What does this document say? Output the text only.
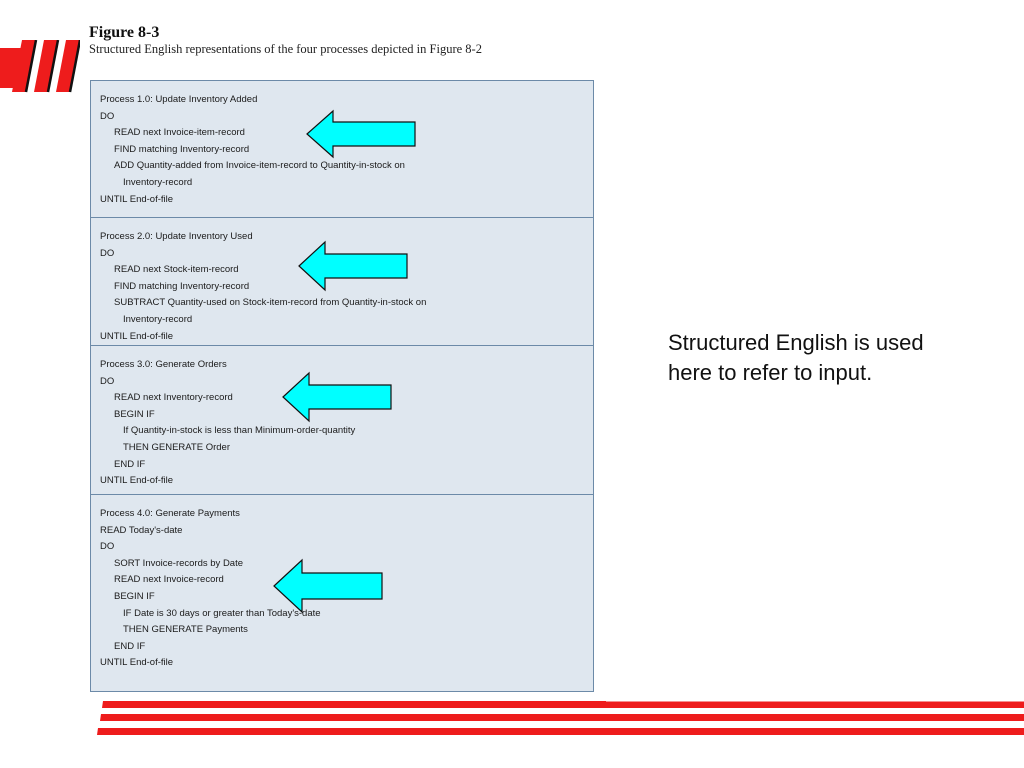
Figure 8-3
Structured English representations of the four processes depicted in Figure 8-2
Process 1.0: Update Inventory Added
DO
READ next Invoice-item-record
FIND matching Inventory-record
ADD Quantity-added from Invoice-item-record to Quantity-in-stock on
Inventory-record
UNTIL End-of-file
Process 2.0: Update Inventory Used
DO
READ next Stock-item-record
FIND matching Inventory-record
SUBTRACT Quantity-used on Stock-item-record from Quantity-in-stock on
Inventory-record
UNTIL End-of-file
Process 3.0: Generate Orders
DO
READ next Inventory-record
BEGIN IF
If Quantity-in-stock is less than Minimum-order-quantity
THEN GENERATE Order
END IF
UNTIL End-of-file
Process 4.0: Generate Payments
READ Today's-date
DO
SORT Invoice-records by Date
READ next Invoice-record
BEGIN IF
IF Date is 30 days or greater than Today's-date
THEN GENERATE Payments
END IF
UNTIL End-of-file
Structured English is used here to refer to input.
